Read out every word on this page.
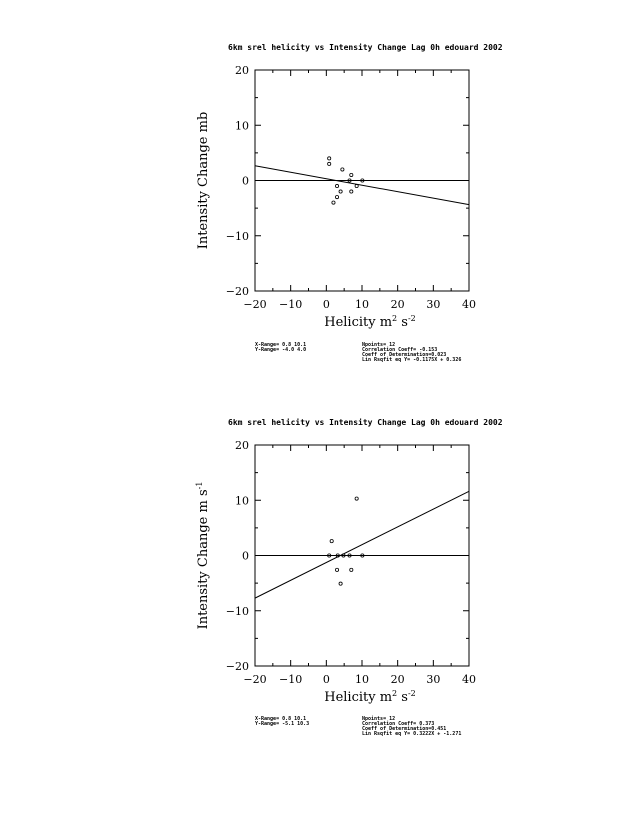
6km srel helicity vs Intensity Change Lag 0h edouard 2002
−20 −10 0 10 20 30 40
−20
−10
0
10
20
Helicity $m^2$ $s^{-2}$
Intensity Change mb
X-Range= 0.8 10.1
Y-Range= -4.0 4.0
Npoints= 12
Correlation Coeff= -0.153
Coeff of Determination=0.023
Lin Rsqfit eq Y= -0.1175X + 0.326
6km srel helicity vs Intensity Change Lag 0h edouard 2002
−20 −10 0 10 20 30 40
−20
−10
0
10
20
Helicity $m^2$ $s^{-2}$
Intensity Change m $s^{-1}$
X-Range= 0.8 10.1
Y-Range= -5.1 10.3
Npoints= 12
Correlation Coeff= 0.373
Coeff of Determination=0.451
Lin Rsqfit eq Y= 0.3222X + -1.271
